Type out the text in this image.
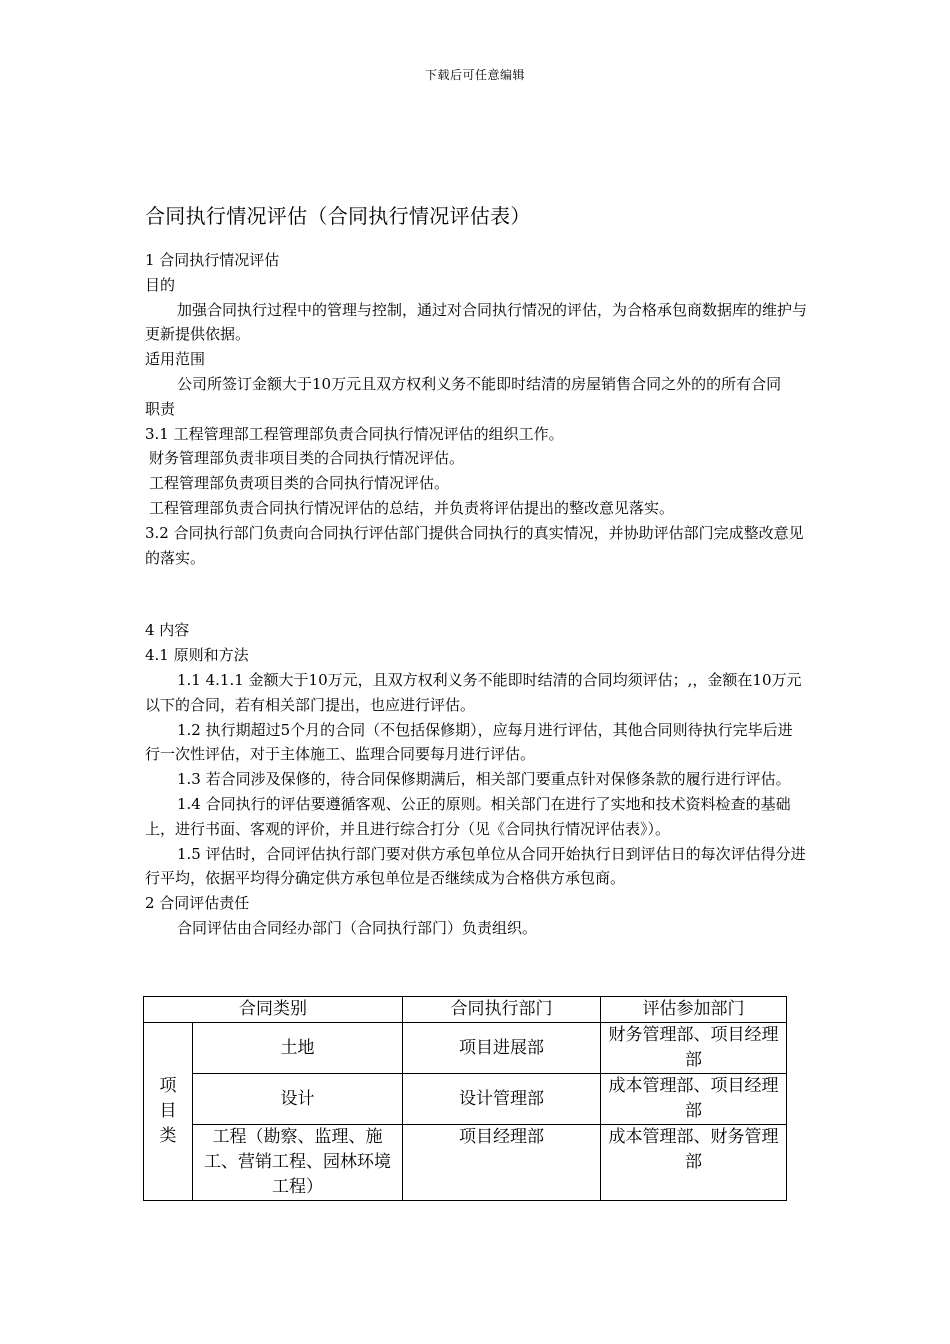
下载后可任意编辑
合同执行情况评估（合同执行情况评估表）

1 合同执行情况评估

目的

加强合同执行过程中的管理与控制，通过对合同执行情况的评估，为合格承包商数据库的维护与更新提供依据。

适用范围

公司所签订金额大于10万元且双方权利义务不能即时结清的房屋销售合同之外的的所有合同

职责

3.1 工程管理部工程管理部负责合同执行情况评估的组织工作。

财务管理部负责非项目类的合同执行情况评估。

工程管理部负责项目类的合同执行情况评估。

工程管理部负责合同执行情况评估的总结，并负责将评估提出的整改意见落实。

3.2 合同执行部门负责向合同执行评估部门提供合同执行的真实情况，并协助评估部门完成整改意见的落实。

4 内容

4.1 原则和方法

1.1 4.1.1 金额大于10万元，且双方权利义务不能即时结清的合同均须评估；,，金额在10万元以下的合同，若有相关部门提出，也应进行评估。

1.2 执行期超过5个月的合同（不包括保修期），应每月进行评估，其他合同则待执行完毕后进行一次性评估，对于主体施工、监理合同要每月进行评估。

1.3 若合同涉及保修的，待合同保修期满后，相关部门要重点针对保修条款的履行进行评估。

1.4 合同执行的评估要遵循客观、公正的原则。相关部门在进行了实地和技术资料检查的基础上，进行书面、客观的评价，并且进行综合打分（见《合同执行情况评估表》）。

1.5 评估时，合同评估执行部门要对供方承包单位从合同开始执行日到评估日的每次评估得分进行平均，依据平均得分确定供方承包单位是否继续成为合格供方承包商。

2 合同评估责任

合同评估由合同经办部门（合同执行部门）负责组织。

合同类别		合同执行部门	评估参加部门
项目类	土地	项目进展部	财务管理部、项目经理部
	设计	设计管理部	成本管理部、项目经理部
	工程（勘察、监理、施工、营销工程、园林环境工程）	项目经理部	成本管理部、财务管理部
